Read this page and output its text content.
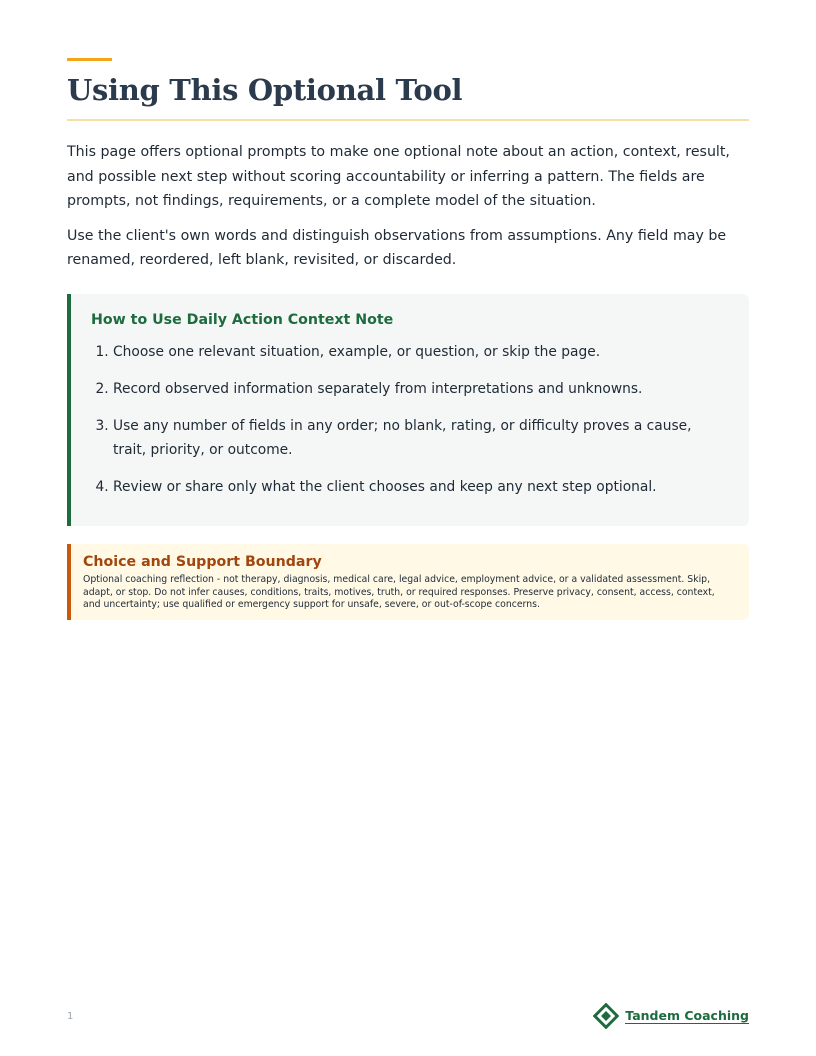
Using This Optional Tool

This page offers optional prompts to make one optional note about an action, context, result, and possible next step without scoring accountability or inferring a pattern. The fields are prompts, not findings, requirements, or a complete model of the situation.

Use the client's own words and distinguish observations from assumptions. Any field may be renamed, reordered, left blank, revisited, or discarded.

How to Use Daily Action Context Note
1. Choose one relevant situation, example, or question, or skip the page.
2. Record observed information separately from interpretations and unknowns.
3. Use any number of fields in any order; no blank, rating, or difficulty proves a cause, trait, priority, or outcome.
4. Review or share only what the client chooses and keep any next step optional.
Choice and Support Boundary

Optional coaching reflection - not therapy, diagnosis, medical care, legal advice, employment advice, or a validated assessment. Skip, adapt, or stop. Do not infer causes, conditions, traits, motives, truth, or required responses. Preserve privacy, consent, access, context, and uncertainty; use qualified or emergency support for unsafe, severe, or out-of-scope concerns.

1	Tandem Coaching
